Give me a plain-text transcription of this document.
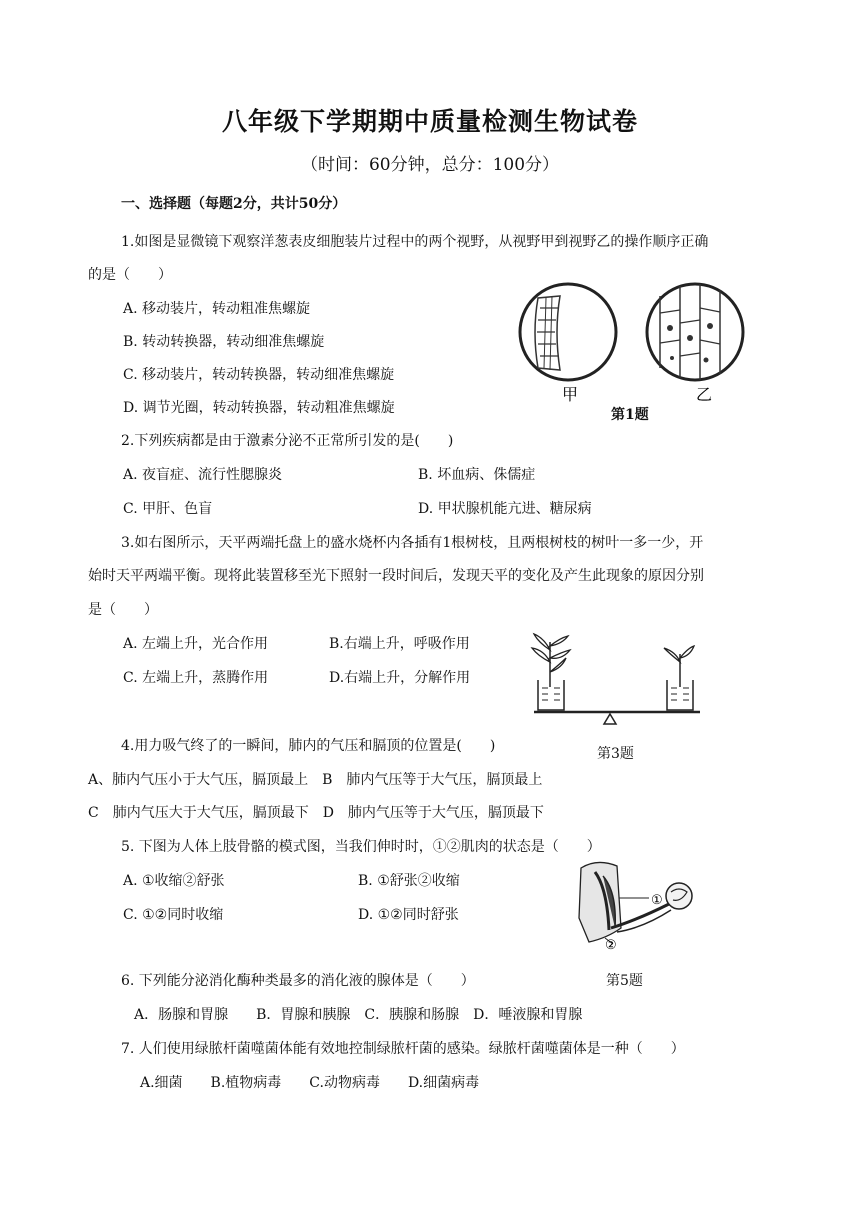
八年级下学期期中质量检测生物试卷
（时间：60分钟，总分：100分）
一、选择题（每题2分，共计50分）
1.如图是显微镜下观察洋葱表皮细胞装片过程中的两个视野，从视野甲到视野乙的操作顺序正确
的是（　　）
A. 移动装片，转动粗准焦螺旋
B. 转动转换器，转动细准焦螺旋
C. 移动装片，转动转换器，转动细准焦螺旋
D. 调节光圈，转动转换器，转动粗准焦螺旋
甲	乙
第1题
2.下列疾病都是由于激素分泌不正常所引发的是(　　)
A. 夜盲症、流行性腮腺炎	B. 坏血病、侏儒症
C. 甲肝、色盲	D. 甲状腺机能亢进、糖尿病
3.如右图所示，天平两端托盘上的盛水烧杯内各插有1根树枝，且两根树枝的树叶一多一少，开
始时天平两端平衡。现将此装置移至光下照射一段时间后，发现天平的变化及产生此现象的原因分别
是（　　）
A. 左端上升，光合作用	B.右端上升，呼吸作用
C. 左端上升，蒸腾作用	D.右端上升，分解作用
第3题
4.用力吸气终了的一瞬间，肺内的气压和膈顶的位置是(　　)
A、肺内气压小于大气压，膈顶最上　B　肺内气压等于大气压，膈顶最上
C　肺内气压大于大气压，膈顶最下　D　肺内气压等于大气压，膈顶最下
5. 下图为人体上肢骨骼的模式图，当我们伸时时，①②肌肉的状态是（　　）
A. ①收缩②舒张	B. ①舒张②收缩
C. ①②同时收缩	D. ①②同时舒张
①
②
6. 下列能分泌消化酶种类最多的消化液的腺体是（　　）	第5题
A．肠腺和胃腺　　B．胃腺和胰腺　C．胰腺和肠腺　D．唾液腺和胃腺
7. 人们使用绿脓杆菌噬菌体能有效地控制绿脓杆菌的感染。绿脓杆菌噬菌体是一种（　　）
A.细菌　　B.植物病毒　　C.动物病毒　　D.细菌病毒
